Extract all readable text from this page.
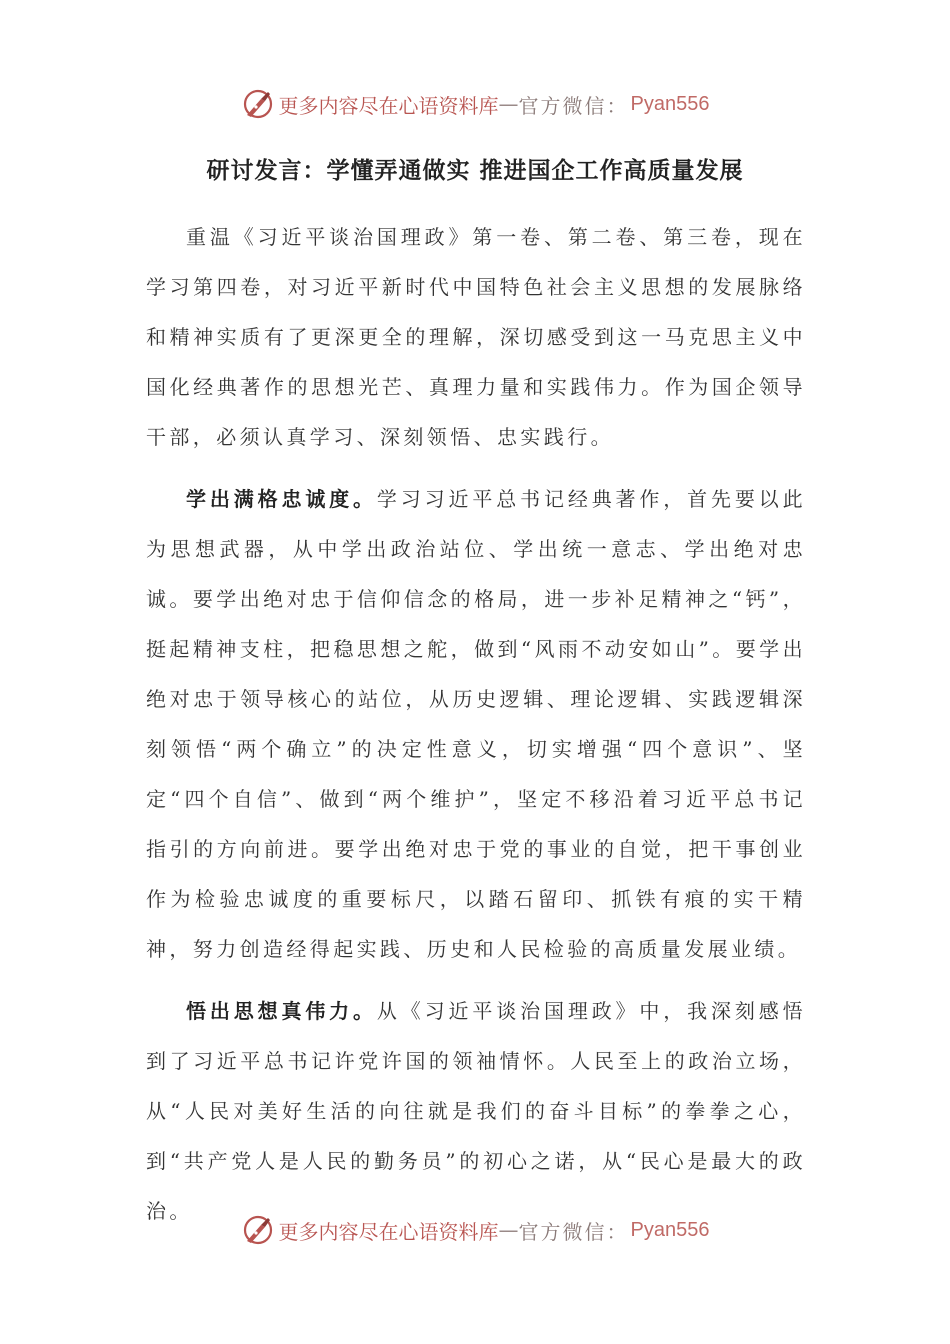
更多内容尽在心语资料库 — 官方微信： Pyan556
研讨发言：学懂弄通做实 推进国企工作高质量发展

重温《习近平谈治国理政》第一卷、第二卷、第三卷，现在学习第四卷，对习近平新时代中国特色社会主义思想的发展脉络和精神实质有了更深更全的理解，深切感受到这一马克思主义中国化经典著作的思想光芒、真理力量和实践伟力。作为国企领导干部，必须认真学习、深刻领悟、忠实践行。

学出满格忠诚度。学习习近平总书记经典著作，首先要以此为思想武器，从中学出政治站位、学出统一意志、学出绝对忠诚。要学出绝对忠于信仰信念的格局，进一步补足精神之“钙”，挺起精神支柱，把稳思想之舵，做到“风雨不动安如山”。要学出绝对忠于领导核心的站位，从历史逻辑、理论逻辑、实践逻辑深刻领悟“两个确立”的决定性意义，切实增强“四个意识”、坚定“四个自信”、做到“两个维护”，坚定不移沿着习近平总书记指引的方向前进。要学出绝对忠于党的事业的自觉，把干事创业作为检验忠诚度的重要标尺，以踏石留印、抓铁有痕的实干精神，努力创造经得起实践、历史和人民检验的高质量发展业绩。

悟出思想真伟力。从《习近平谈治国理政》中，我深刻感悟到了习近平总书记许党许国的领袖情怀。人民至上的政治立场，从“人民对美好生活的向往就是我们的奋斗目标”的拳拳之心，到“共产党人是人民的勤务员”的初心之诺，从“民心是最大的政治。

更多内容尽在心语资料库 — 官方微信： Pyan556
